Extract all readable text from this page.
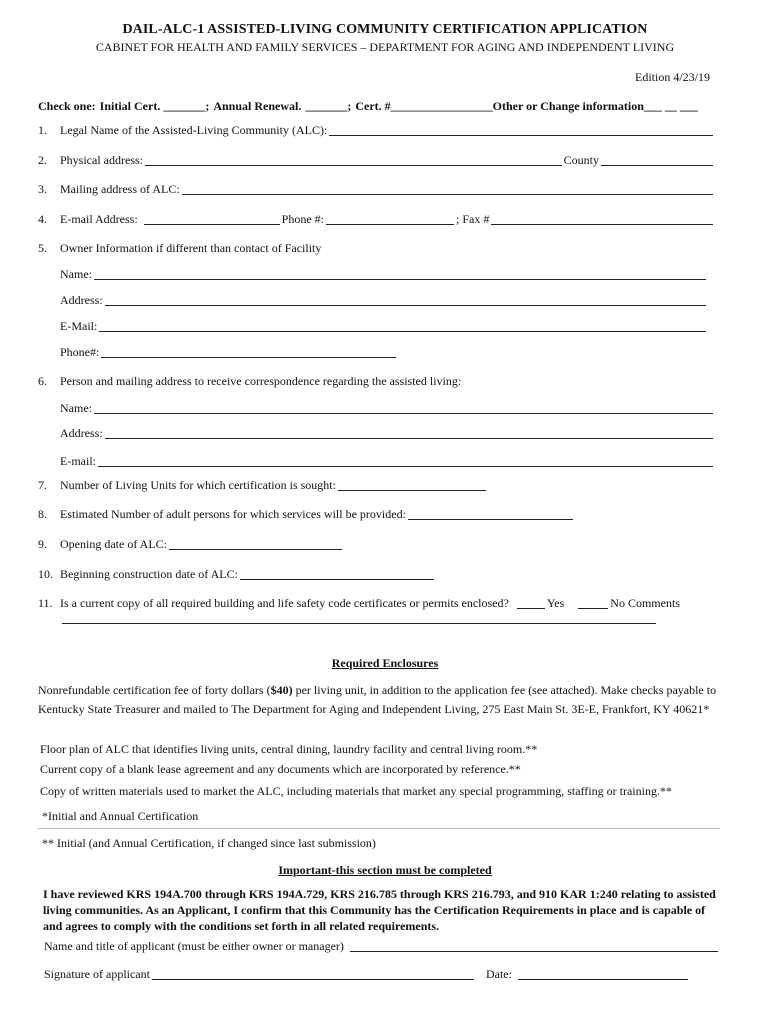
DAIL-ALC-1 ASSISTED-LIVING COMMUNITY CERTIFICATION APPLICATION
CABINET FOR HEALTH AND FAMILY SERVICES – DEPARTMENT FOR AGING AND INDEPENDENT LIVING
Edition 4/23/19
Check one: Initial Cert . _______; Annual Renewal. _______; Cert. # _________________ Other or Change information ___ __ ___
1.	Legal Name of the Assisted-Living Community (ALC):
2.	Physical address:	County
3.	Mailing address of ALC:
4.	E-mail Address:	Phone #:	; Fax #
5.	Owner Information if different than contact of Facility
Name:
Address:
E-Mail:
Phone#:
6.	Person and mailing address to receive correspondence regarding the assisted living:
Name:
Address:
E-mail:
7.	Number of Living Units for which certification is sought:
8.	Estimated Number of adult persons for which services will be provided:
9.	Opening date of ALC:
10. Beginning construction date of ALC:
11. Is a current copy of all required building and life safety code certificates or permits enclosed?	Yes	No Comments
Required Enclosures
Nonrefundable certification fee of forty dollars ($40) per living unit, in addition to the application fee (see attached). Make checks payable to Kentucky State Treasurer and mailed to The Department for Aging and Independent Living, 275 East Main St. 3E-E, Frankfort, KY 40621*
Floor plan of ALC that identifies living units, central dining, laundry facility and central living room.**
Current copy of a blank lease agreement and any documents which are incorporated by reference.**
Copy of written materials used to market the ALC, including materials that market any special programming, staffing or training.**
*Initial and Annual Certification
** Initial (and Annual Certification, if changed since last submission)
Important-this section must be completed
I have reviewed KRS 194A.700 through KRS 194A.729, KRS 216.785 through KRS 216.793, and 910 KAR 1:240 relating to assisted living communities. As an Applicant, I confirm that this Community has the Certification Requirements in place and is capable of and agrees to comply with the conditions set forth in all related requirements.
Name and title of applicant (must be either owner or manager)
Signature of applicant	Date:
